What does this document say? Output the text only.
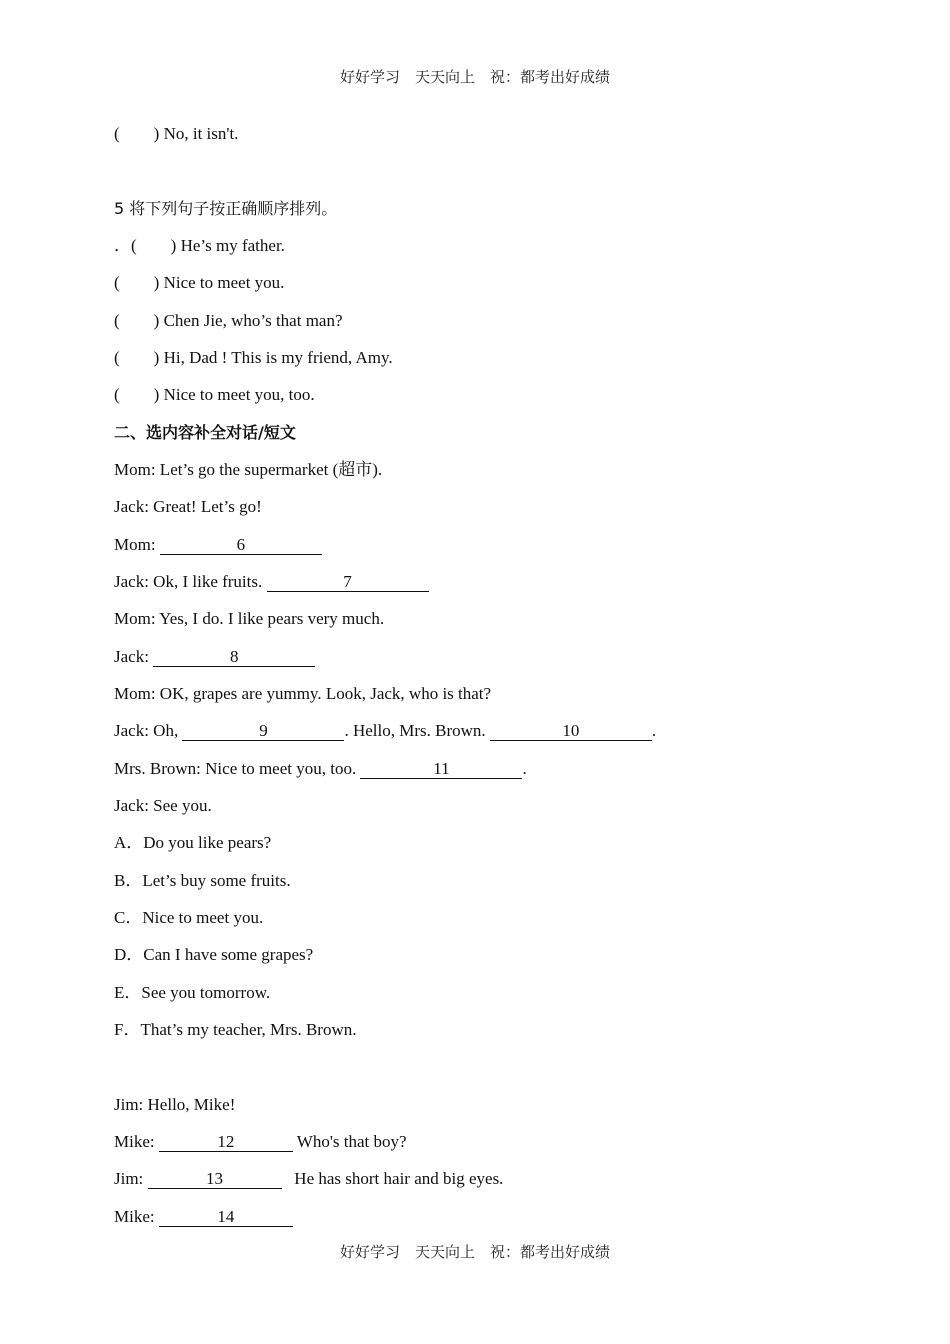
好好学习　天天向上　祝：都考出好成绩
(        ) No, it isn't.
5 将下列句子按正确顺序排列。
．(        ) He’s my father.
(        ) Nice to meet you.
(        ) Chen Jie, who’s that man?
(        ) Hi, Dad ! This is my friend, Amy.
(        ) Nice to meet you, too.
二、选内容补全对话/短文
Mom: Let’s go the supermarket (超市).
Jack: Great! Let’s go!
Mom:	6
Jack: Ok, I like fruits.	7
Mom: Yes, I do. I like pears very much.
Jack:	8
Mom: OK, grapes are yummy. Look, Jack, who is that?
Jack: Oh,	9	. Hello, Mrs. Brown.	10	.
Mrs. Brown: Nice to meet you, too.	11	.
Jack: See you.
A．Do you like pears?
B．Let’s buy some fruits.
C．Nice to meet you.
D．Can I have some grapes?
E．See you tomorrow.
F．That’s my teacher, Mrs. Brown.
Jim: Hello, Mike!
Mike:	12	Who's that boy?
Jim:	13	He has short hair and big eyes.
Mike:	14
好好学习　天天向上　祝：都考出好成绩
